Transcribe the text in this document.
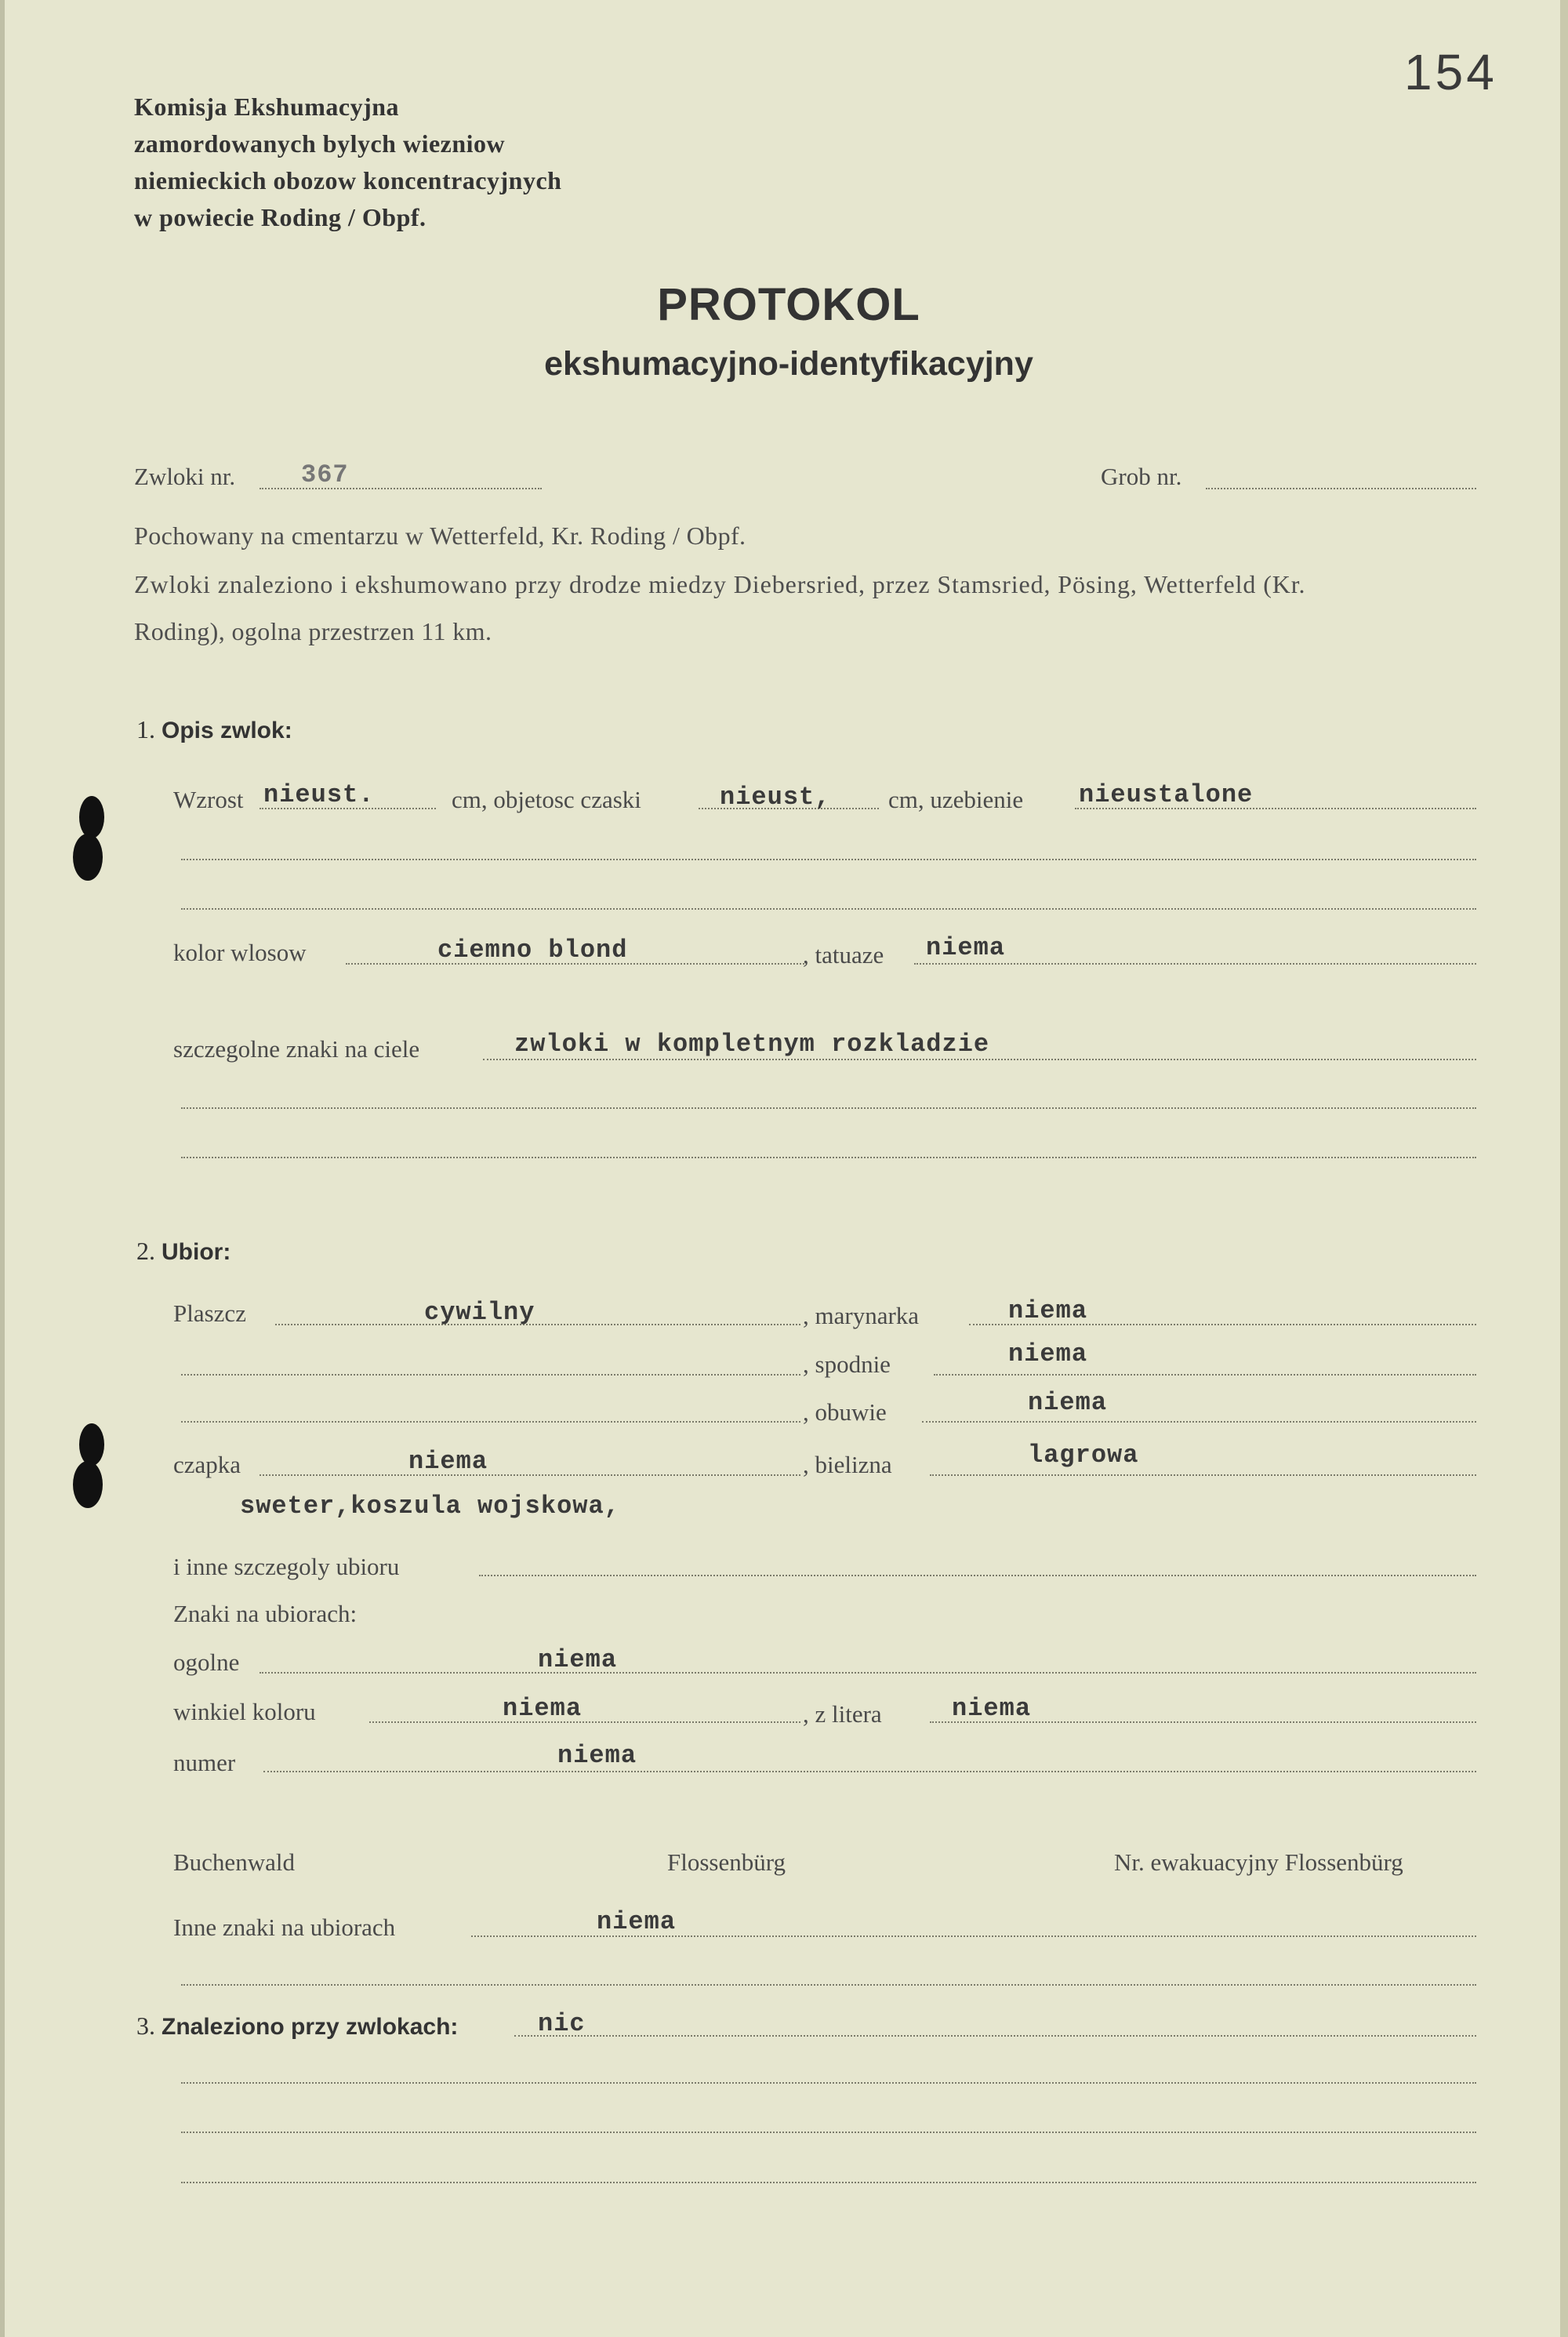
154
Komisja Ekshumacyjna
zamordowanych bylych wiezniow
niemieckich obozow koncentracyjnych
w powiecie Roding / Obpf.
PROTOKOL
ekshumacyjno-identyfikacyjny
Zwloki nr.	367	Grob nr.
Pochowany na cmentarzu w Wetterfeld, Kr. Roding / Obpf.
Zwloki znaleziono i ekshumowano przy drodze miedzy Diebersried, przez Stamsried, Pösing, Wetterfeld (Kr.
Roding), ogolna przestrzen 11 km.
1. Opis zwlok:
Wzrost nieust.	cm, objetosc czaski	nieust, cm, uzebienie nieustalone
kolor wlosow	ciemno blond	, tatuaze niema
szczegolne znaki na ciele	zwloki w kompletnym rozkladzie
2. Ubior:
Plaszcz	cywilny	, marynarka	niema
, spodnie	niema
, obuwie	niema
czapka	niema	, bielizna	lagrowa
sweter,koszula wojskowa,
i inne szczegoly ubioru
Znaki na ubiorach:
ogolne	niema
winkiel koloru	niema	, z litera	niema
numer	niema
Buchenwald	Flossenbürg	Nr. ewakuacyjny Flossenbürg
Inne znaki na ubiorach	niema
3. Znaleziono przy zwlokach:	nic
